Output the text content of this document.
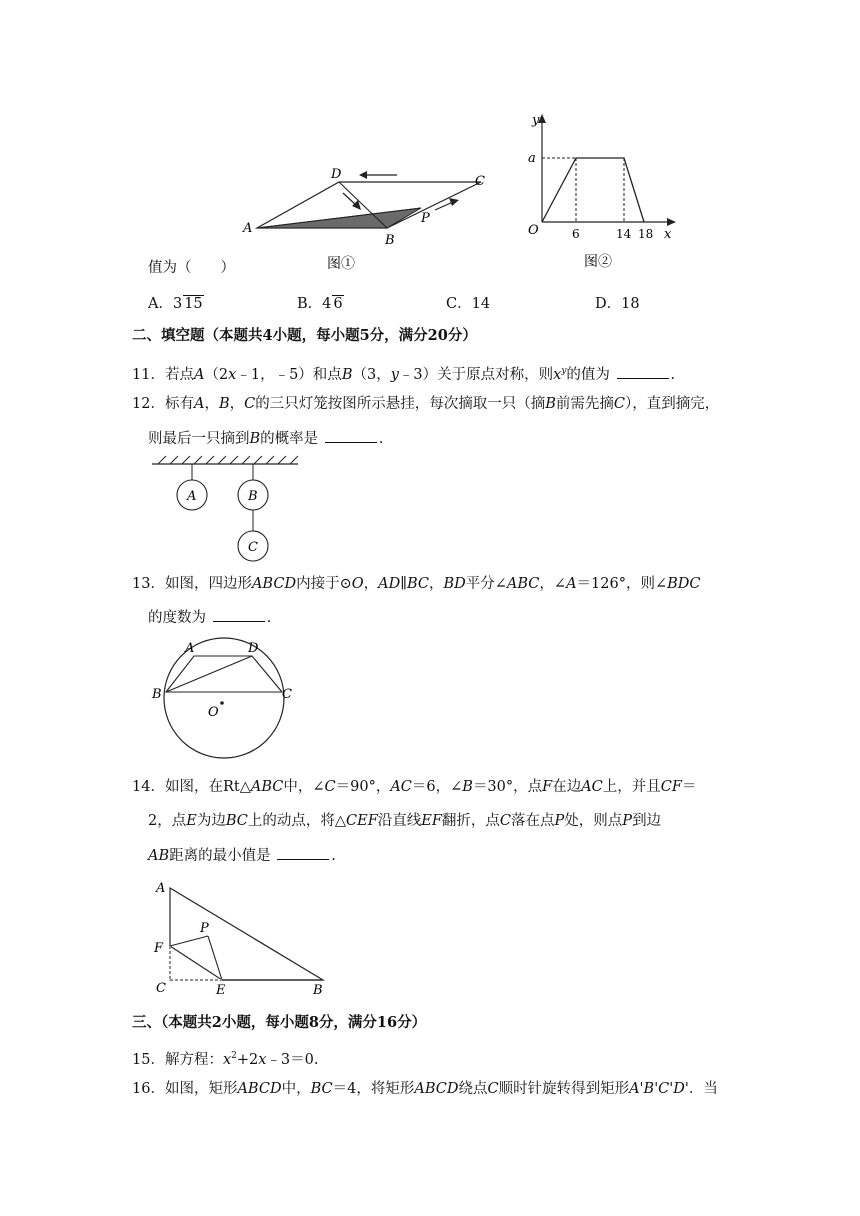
D	C
A
B
P
图①
y
a
O	6	14 18 x
图②
值为（　　）
A．3 15	B．4 6	C．14	D．18
二、填空题（本题共4小题，每小题5分，满分20分）
11．若点A（2x﹣1，﹣5）和点B（3，y﹣3）关于原点对称，则$x^y$的值为	.
12．标有A，B，C的三只灯笼按图所示悬挂，每次摘取一只（摘B前需先摘C），直到摘完，
则最后一只摘到B的概率是	.
A	B
C
13．如图，四边形ABCD内接于⊙O，AD∥BC，BD平分∠ABC，∠A＝126°，则∠BDC
的度数为	.
A	D
B	C
O
14．如图，在Rt△ABC中，∠C＝90°，AC＝6，∠B＝30°，点F在边AC上，并且CF＝
2，点E为边BC上的动点，将△CEF沿直线EF翻折，点C落在点P处，则点P到边
AB距离的最小值是	.
A
F
P
C	E	B
三、（本题共2小题，每小题8分，满分16分）
15．解方程：$x^2+2x﹣3=0$.
16．如图，矩形ABCD中，BC＝4，将矩形ABCD绕点C顺时针旋转得到矩形A'B'C'D'．当
